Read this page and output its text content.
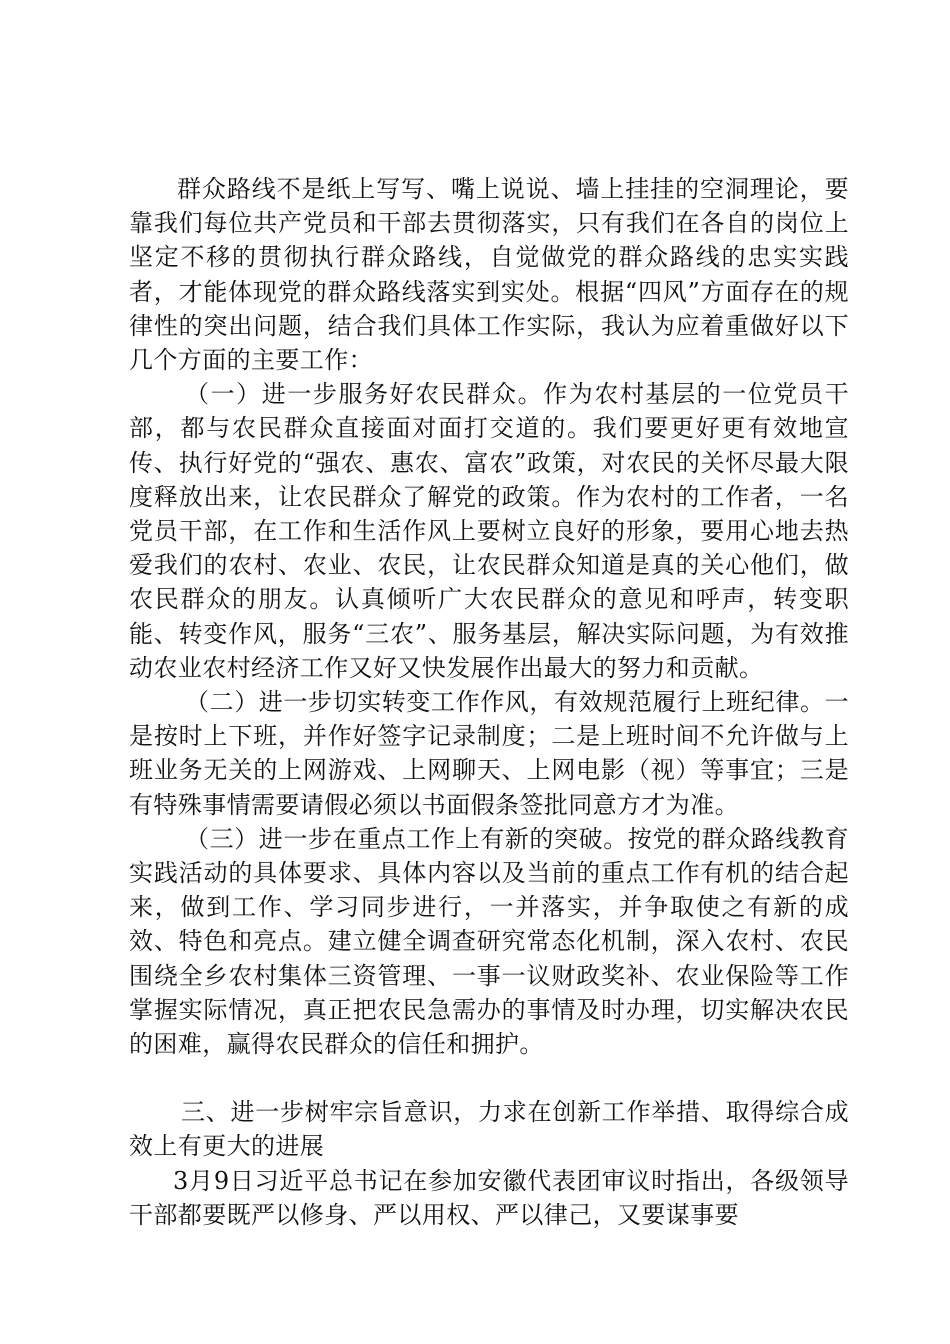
群众路线不是纸上写写、嘴上说说、墙上挂挂的空洞理论，要靠我们每位共产党员和干部去贯彻落实，只有我们在各自的岗位上坚定不移的贯彻执行群众路线，自觉做党的群众路线的忠实实践者，才能体现党的群众路线落实到实处。根据“四风”方面存在的规律性的突出问题，结合我们具体工作实际，我认为应着重做好以下几个方面的主要工作：

（一）进一步服务好农民群众。作为农村基层的一位党员干部，都与农民群众直接面对面打交道的。我们要更好更有效地宣传、执行好党的“强农、惠农、富农”政策，对农民的关怀尽最大限度释放出来，让农民群众了解党的政策。作为农村的工作者，一名党员干部，在工作和生活作风上要树立良好的形象，要用心地去热爱我们的农村、农业、农民，让农民群众知道是真的关心他们，做农民群众的朋友。认真倾听广大农民群众的意见和呼声，转变职能、转变作风，服务“三农”、服务基层，解决实际问题，为有效推动农业农村经济工作又好又快发展作出最大的努力和贡献。

（二）进一步切实转变工作作风，有效规范履行上班纪律。一是按时上下班，并作好签字记录制度；二是上班时间不允许做与上班业务无关的上网游戏、上网聊天、上网电影（视）等事宜；三是有特殊事情需要请假必须以书面假条签批同意方才为准。

（三）进一步在重点工作上有新的突破。按党的群众路线教育实践活动的具体要求、具体内容以及当前的重点工作有机的结合起来，做到工作、学习同步进行，一并落实，并争取使之有新的成效、特色和亮点。建立健全调查研究常态化机制，深入农村、农民围绕全乡农村集体三资管理、一事一议财政奖补、农业保险等工作掌握实际情况，真正把农民急需办的事情及时办理，切实解决农民的困难，赢得农民群众的信任和拥护。

三、进一步树牢宗旨意识，力求在创新工作举措、取得综合成效上有更大的进展

3月9日习近平总书记在参加安徽代表团审议时指出，各级领导干部都要既严以修身、严以用权、严以律己，又要谋事要
